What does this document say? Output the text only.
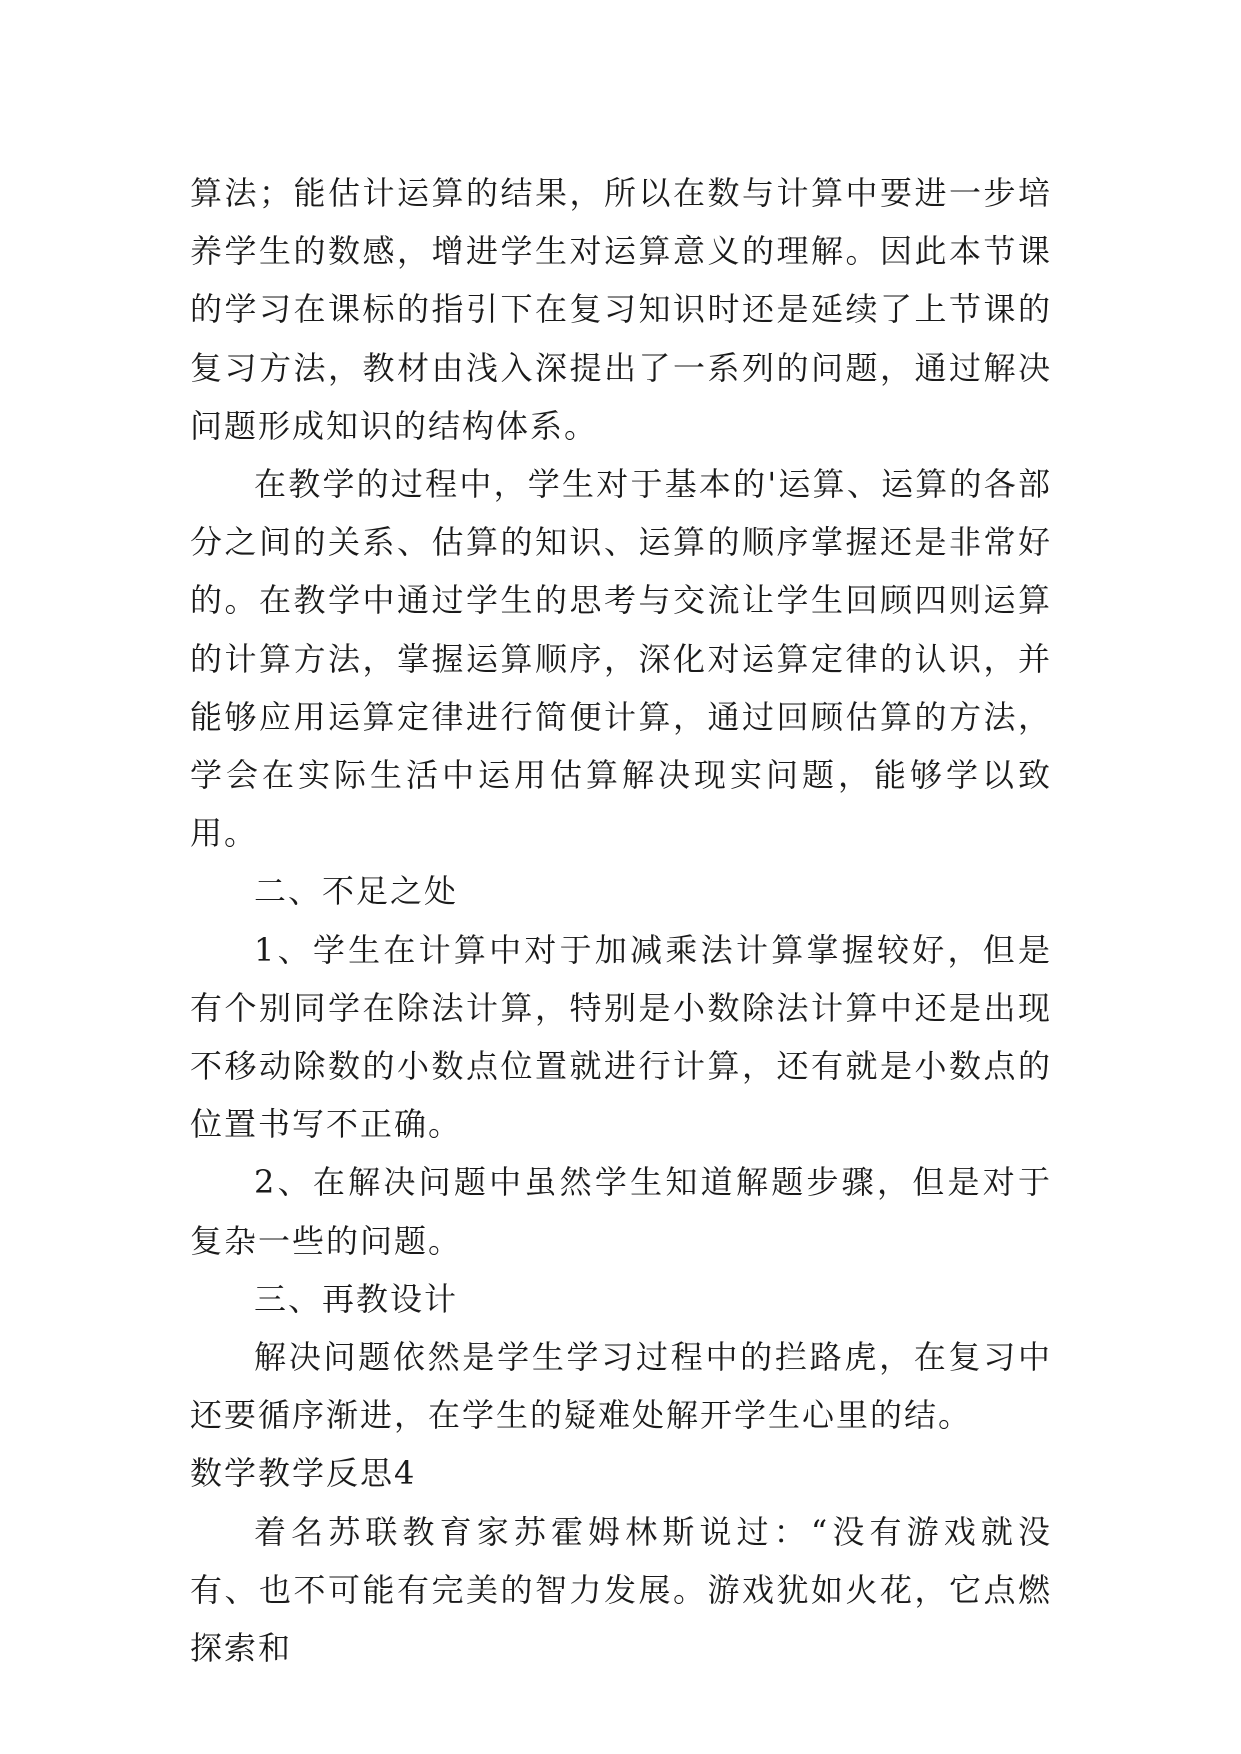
算法；能估计运算的结果，所以在数与计算中要进一步培养学生的数感，增进学生对运算意义的理解。因此本节课的学习在课标的指引下在复习知识时还是延续了上节课的复习方法，教材由浅入深提出了一系列的问题，通过解决问题形成知识的结构体系。

在教学的过程中，学生对于基本的'运算、运算的各部分之间的关系、估算的知识、运算的顺序掌握还是非常好的。在教学中通过学生的思考与交流让学生回顾四则运算的计算方法，掌握运算顺序，深化对运算定律的认识，并能够应用运算定律进行简便计算，通过回顾估算的方法，学会在实际生活中运用估算解决现实问题，能够学以致用。

二、不足之处

1、学生在计算中对于加减乘法计算掌握较好，但是有个别同学在除法计算，特别是小数除法计算中还是出现不移动除数的小数点位置就进行计算，还有就是小数点的位置书写不正确。

2、在解决问题中虽然学生知道解题步骤，但是对于复杂一些的问题。

三、再教设计

解决问题依然是学生学习过程中的拦路虎，在复习中还要循序渐进，在学生的疑难处解开学生心里的结。

数学教学反思4

着名苏联教育家苏霍姆林斯说过：“没有游戏就没有、也不可能有完美的智力发展。游戏犹如火花，它点燃探索和
